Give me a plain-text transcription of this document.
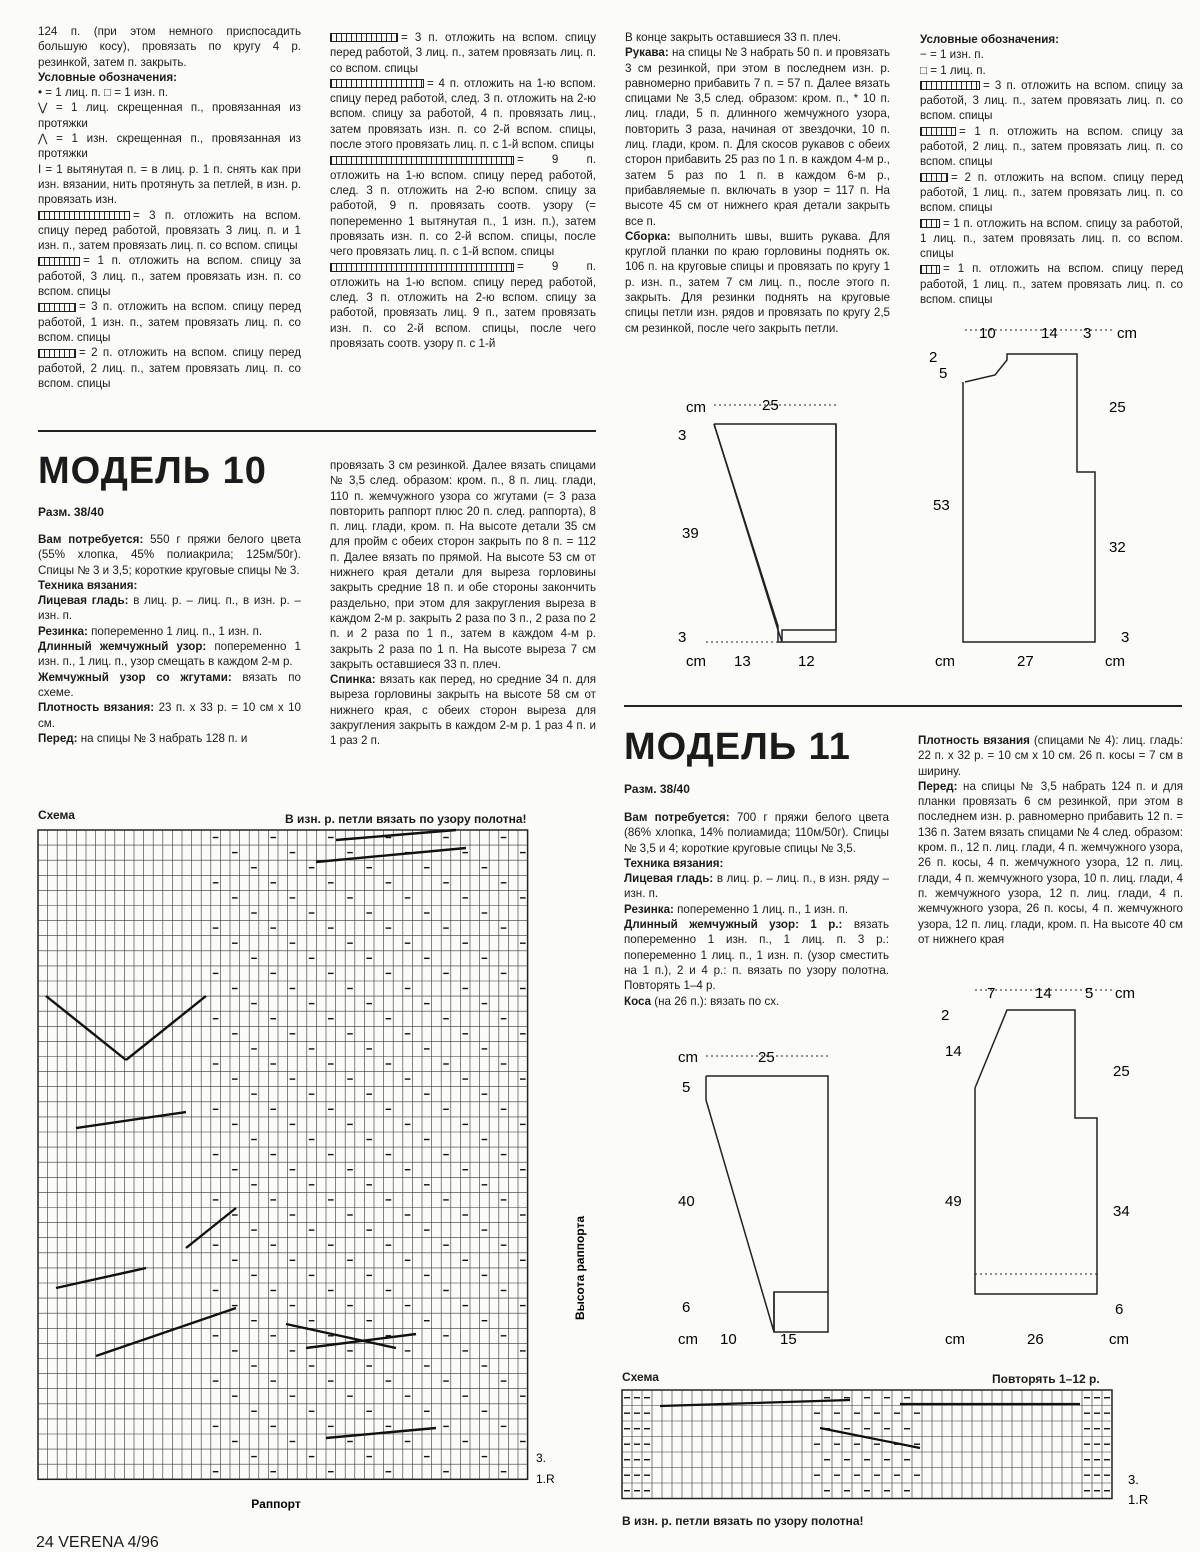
124 п. (при этом немного приспосадить большую косу), провязать по кругу 4 р. резинкой, затем п. закрыть.

Условные обозначения:

• = 1 лиц. п. □ = 1 изн. п.

⋁ = 1 лиц. скрещенная п., провязанная из протяжки

⋀ = 1 изн. скрещенная п., провязанная из протяжки

I = 1 вытянутая п. = в лиц. р. 1 п. снять как при изн. вязании, нить протянуть за петлей, в изн. р. провязать изн.

= 3 п. отложить на вспом. спицу перед работой, провязать 3 лиц. п. и 1 изн. п., затем провязать лиц. п. со вспом. спицы

= 1 п. отложить на вспом. спицу за работой, 3 лиц. п., затем провязать изн. п. со вспом. спицы

= 3 п. отложить на вспом. спицу перед работой, 1 изн. п., затем провязать лиц. п. со вспом. спицы

= 2 п. отложить на вспом. спицу перед работой, 2 лиц. п., затем провязать лиц. п. со вспом. спицы

= 3 п. отложить на вспом. спицу перед работой, 3 лиц. п., затем провязать лиц. п. со вспом. спицы

= 4 п. отложить на 1-ю вспом. спицу перед работой, след. 3 п. отложить на 2-ю вспом. спицу за работой, 4 п. провязать лиц., затем провязать изн. п. со 2-й вспом. спицы, после этого провязать лиц. п. с 1-й вспом. спицы

= 9 п. отложить на 1-ю вспом. спицу перед работой, след. 3 п. отложить на 2-ю вспом. спицу за работой, 9 п. провязать соотв. узору (= попеременно 1 вытянутая п., 1 изн. п.), затем провязать изн. п. со 2-й вспом. спицы, после чего провязать лиц. п. с 1-й вспом. спицы

= 9 п. отложить на 1-ю вспом. спицу перед работой, след. 3 п. отложить на 2-ю вспом. спицу за работой, провязать лиц. 9 п., затем провязать изн. п. со 2-й вспом. спицы, после чего провязать соотв. узору п. с 1-й

В конце закрыть оставшиеся 33 п. плеч.

Рукава: на спицы № 3 набрать 50 п. и провязать 3 см резинкой, при этом в последнем изн. р. равномерно прибавить 7 п. = 57 п. Далее вязать спицами № 3,5 след. образом: кром. п., * 10 п. лиц. глади, 5 п. длинного жемчужного узора, повторить 3 раза, начиная от звездочки, 10 п. лиц. глади, кром. п. Для скосов рукавов с обеих сторон прибавить 25 раз по 1 п. в каждом 4-м р., затем 5 раз по 1 п. в каждом 6-м р., прибавляемые п. включать в узор = 117 п. На высоте 45 см от нижнего края детали закрыть все п.

Сборка: выполнить швы, вшить рукава. Для круглой планки по краю горловины поднять ок. 106 п. на круговые спицы и провязать по кругу 1 р. изн. п., затем 7 см лиц. п., после этого п. закрыть. Для резинки поднять на круговые спицы петли изн. рядов и провязать по кругу 2,5 см резинкой, после чего закрыть петли.

Условные обозначения:

− = 1 изн. п.

□ = 1 лиц. п.

= 3 п. отложить на вспом. спицу за работой, 3 лиц. п., затем провязать лиц. п. со вспом. спицы

= 1 п. отложить на вспом. спицу за работой, 2 лиц. п., затем провязать лиц. п. со вспом. спицы

= 2 п. отложить на вспом. спицу перед работой, 1 лиц. п., затем провязать лиц. п. со вспом. спицы

= 1 п. отложить на вспом. спицу за работой, 1 лиц. п., затем провязать лиц. п. со вспом. спицы

= 1 п. отложить на вспом. спицу перед работой, 1 лиц. п., затем провязать лиц. п. со вспом. спицы

МОДЕЛЬ 10
Разм. 38/40

Вам потребуется: 550 г пряжи белого цвета (55% хлопка, 45% полиакрила; 125м/50г). Спицы № 3 и 3,5; короткие круговые спицы № 3.

Техника вязания:

Лицевая гладь: в лиц. р. – лиц. п., в изн. р. – изн. п.

Резинка: попеременно 1 лиц. п., 1 изн. п.

Длинный жемчужный узор: попеременно 1 изн. п., 1 лиц. п., узор смещать в каждом 2-м р.

Жемчужный узор со жгутами: вязать по схеме.

Плотность вязания: 23 п. х 33 р. = 10 см х 10 см.

Перед: на спицы № 3 набрать 128 п. и

провязать 3 см резинкой. Далее вязать спицами № 3,5 след. образом: кром. п., 8 п. лиц. глади, 110 п. жемчужного узора со жгутами (= 3 раза повторить раппорт плюс 20 п. след. раппорта), 8 п. лиц. глади, кром. п. На высоте детали 35 см для пройм с обеих сторон закрыть по 8 п. = 112 п. Далее вязать по прямой. На высоте 53 см от нижнего края детали для выреза горловины закрыть средние 18 п. и обе стороны закончить раздельно, при этом для закругления выреза в каждом 2-м р. закрыть 2 раза по 3 п., 2 раза по 2 п. и 2 раза по 1 п., затем в каждом 4-м р. закрыть 2 раза по 1 п. На высоте выреза 7 см закрыть оставшиеся 33 п. плеч.

Спинка: вязать как перед, но средние 34 п. для выреза горловины закрыть на высоте 58 см от нижнего края, с обеих сторон выреза для закругления закрыть в каждом 2-м р. 1 раз 4 п. и 1 раз 2 п.

Схема	В изн. р. петли вязать по узору полотна!
Высота раппорта
3.
1.R
Раппорт
cm	25
3
39
3
cm 13	12
10	14 3 cm
2
5
53
25
32
3
cm	27	cm
МОДЕЛЬ 11
Разм. 38/40

Вам потребуется: 700 г пряжи белого цвета (86% хлопка, 14% полиамида; 110м/50г). Спицы № 3,5 и 4; короткие круговые спицы № 3,5.

Техника вязания:

Лицевая гладь: в лиц. р. – лиц. п., в изн. ряду – изн. п.

Резинка: попеременно 1 лиц. п., 1 изн. п.

Длинный жемчужный узор: 1 р.: вязать попеременно 1 изн. п., 1 лиц. п. 3 р.: попеременно 1 лиц. п., 1 изн. п. (узор сместить на 1 п.), 2 и 4 р.: п. вязать по узору полотна. Повторять 1–4 р.

Коса (на 26 п.): вязать по сх.

Плотность вязания (спицами № 4): лиц. гладь: 22 п. х 32 р. = 10 см х 10 см. 26 п. косы = 7 см в ширину.

Перед: на спицы № 3,5 набрать 124 п. и для планки провязать 6 см резинкой, при этом в последнем изн. р. равномерно прибавить 12 п. = 136 п. Затем вязать спицами № 4 след. образом: кром. п., 12 п. лиц. глади, 4 п. жемчужного узора, 26 п. косы, 4 п. жемчужного узора, 12 п. лиц. глади, 4 п. жемчужного узора, 10 п. лиц. глади, 4 п. жемчужного узора, 12 п. лиц. глади, 4 п. жемчужного узора, 26 п. косы, 4 п. жемчужного узора, 12 п. лиц. глади, кром. п. На высоте 40 см от нижнего края

cm	25
5
40
6
cm 10	15
7	14 5 cm
2
14
49
25
34
6
cm	26	cm
Схема	Повторять 1–12 р.
3.
1.R
В изн. р. петли вязать по узору полотна!
24 VERENA 4/96
